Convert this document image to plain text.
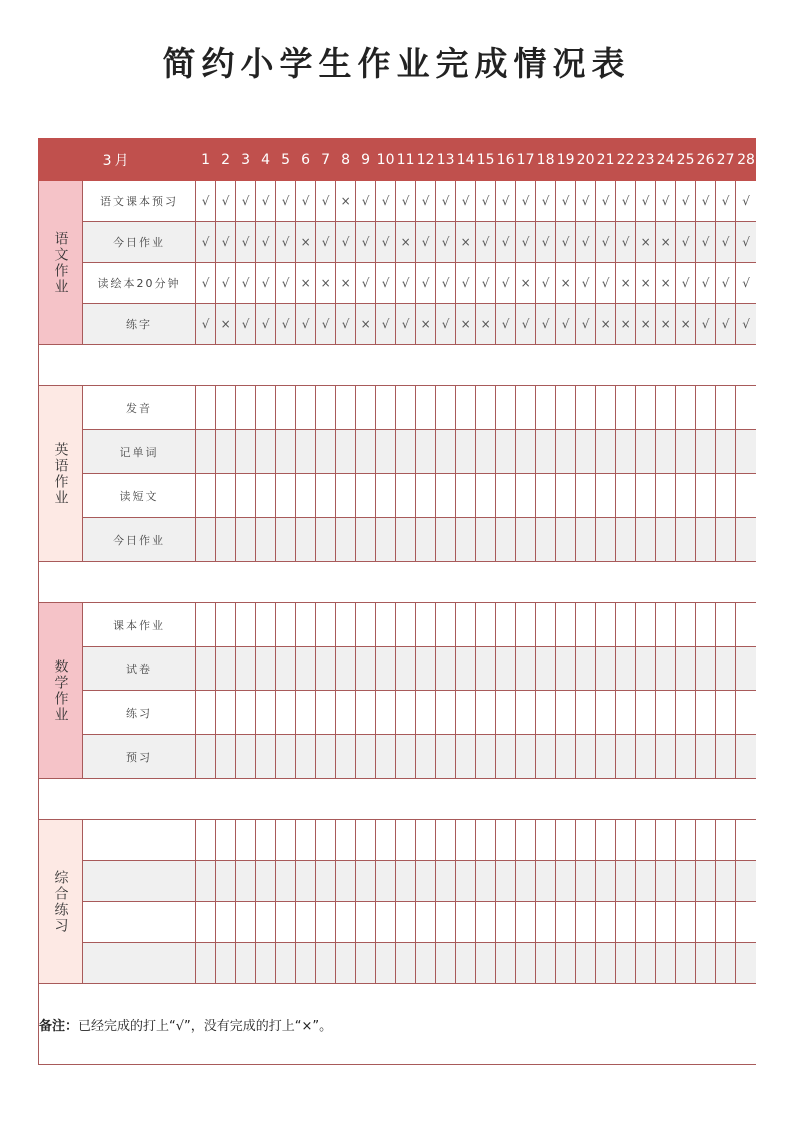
简约小学生作业完成情况表
3月		1	2	3	4	5	6	7	8	9	10	11	12	13	14	15	16	17	18	19	20	21	22	23	24	25	26	27	28
语文作业	语文课本预习	√	√	√	√	√	√	√	×	√	√	√	√	√	√	√	√	√	√	√	√	√	√	√	√	√	√	√	√
	今日作业	√	√	√	√	√	×	√	√	√	√	×	√	√	×	√	√	√	√	√	√	√	√	×	×	√	√	√	√
	读绘本20分钟	√	√	√	√	√	×	×	×	√	√	√	√	√	√	√	√	×	√	×	√	√	×	×	×	√	√	√	√
	练字	√	×	√	√	√	√	√	√	×	√	√	×	√	×	×	√	√	√	√	√	×	×	×	×	×	√	√	√

英语作业	发音																												
	记单词																												
	读短文																												
	今日作业																												

数学作业	课本作业																												
	试卷																												
	练习																												
	预习																												

综合练习																													

备注：已经完成的打上“√”，没有完成的打上“×”。																													
